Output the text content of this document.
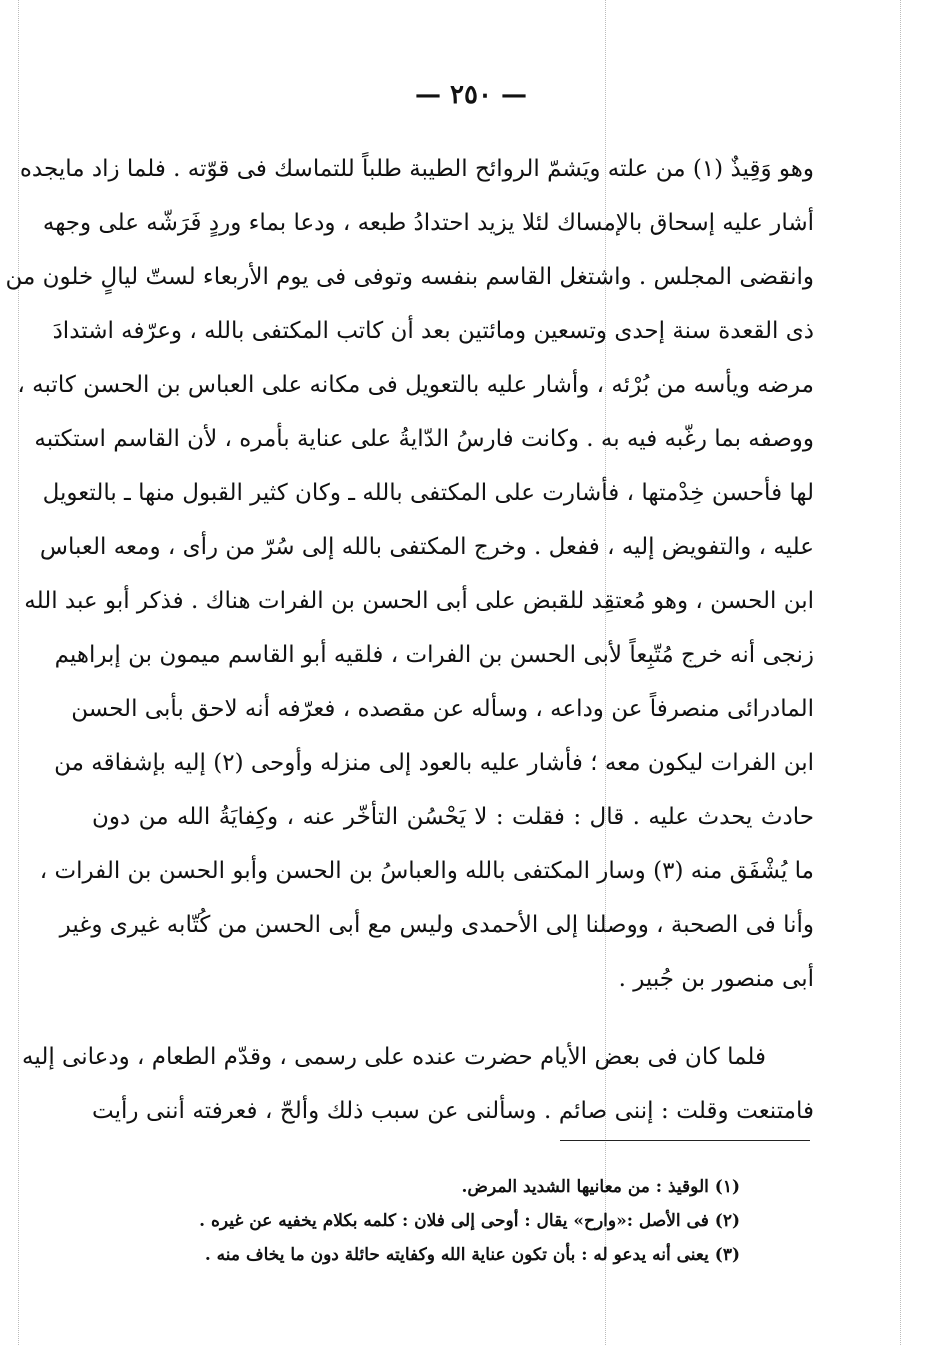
— ٢٥٠ —
وهو وَقِيذٌ (١) من علته ويَشمّ الروائح الطيبة طلباً للتماسك فى قوّته . فلما زاد مايجده
أشار عليه إسحاق بالإمساك لئلا يزيد احتدادُ طبعه ، ودعا بماء وردٍ فَرَشّه على وجهه
وانقضى المجلس . واشتغل القاسم بنفسه وتوفى فى يوم الأربعاء لستّ ليالٍ خلون من
ذى القعدة سنة إحدى وتسعين ومائتين بعد أن كاتب المكتفى بالله ، وعرّفه اشتدادَ
مرضه ويأسه من بُرْئه ، وأشار عليه بالتعويل فى مكانه على العباس بن الحسن كاتبه ،
ووصفه بما رغّبه فيه به . وكانت فارسُ الدّايةُ على عناية بأمره ، لأن القاسم استكتبه
لها فأحسن خِدْمتها ، فأشارت على المكتفى بالله ـ وكان كثير القبول منها ـ بالتعويل
عليه ، والتفويض إليه ، ففعل . وخرج المكتفى بالله إلى سُرّ من رأى ، ومعه العباس
ابن الحسن ، وهو مُعتقِد للقبض على أبى الحسن بن الفرات هناك . فذكر أبو عبد الله
زنجى أنه خرج مُتّبِعاً لأبى الحسن بن الفرات ، فلقيه أبو القاسم ميمون بن إبراهيم
المادرائى منصرفاً عن وداعه ، وسأله عن مقصده ، فعرّفه أنه لاحق بأبى الحسن
ابن الفرات ليكون معه ؛ فأشار عليه بالعود إلى منزله وأوحى (٢) إليه بإشفاقه من
حادث يحدث عليه . قال : فقلت : لا يَحْسُن التأخّر عنه ، وكِفايَةُ الله من دون
ما يُشْفَق منه (٣) وسار المكتفى بالله والعباسُ بن الحسن وأبو الحسن بن الفرات ،
وأنا فى الصحبة ، ووصلنا إلى الأحمدى وليس مع أبى الحسن من كُتّابه غيرى وغير
أبى منصور بن جُبير .
فلما كان فى بعض الأيام حضرت عنده على رسمى ، وقدّم الطعام ، ودعانى إليه
فامتنعت وقلت : إننى صائم . وسألنى عن سبب ذلك وألحّ ، فعرفته أننى رأيت
(١) الوقيذ : من معانيها الشديد المرض.
(٢) فى الأصل :«وارح» يقال : أوحى إلى فلان : كلمه بكلام يخفيه عن غيره .
(٣) يعنى أنه يدعو له : بأن تكون عناية الله وكفايته حائلة دون ما يخاف منه .
